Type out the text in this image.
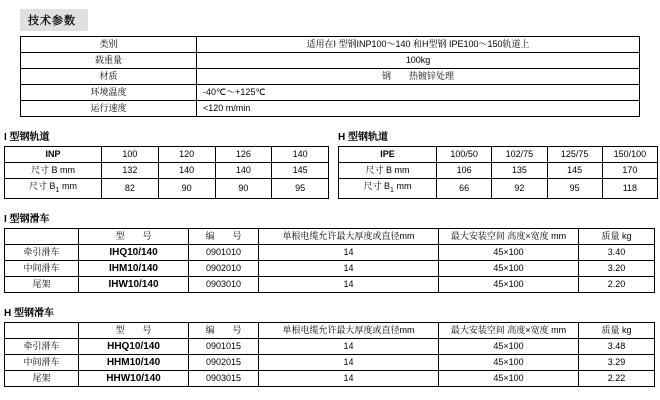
技术参数
类别	适用在I 型钢INP100～140 和H型钢 IPE100～150轨道上
载重量	100kg
材质	钢　　热镀锌处理
环境温度	-40℃～+125℃
运行速度	<120 m/min
I 型钢轨道
INP	100	120	126	140
尺寸 B mm	132	140	140	145
尺寸 $B_1$ mm	82	90	90	95
H 型钢轨道
IPE	100/50	102/75	125/75	150/100
尺寸 B mm	106	135	145	170
尺寸 $B_1$ mm	66	92	95	118
I 型钢滑车
	型　　号	编　　号	单根电缆允许最大厚度或直径mm	最大安装空间 高度×宽度 mm	质量 kg
牵引滑车	IHQ10/140	0901010	14	45×100	3.40
中间滑车	IHM10/140	0902010	14	45×100	3.20
尾架	IHW10/140	0903010	14	45×100	2.20
H 型钢滑车
	型　　号	编　　号	单根电缆允许最大厚度或直径mm	最大安装空间 高度×宽度 mm	质量 kg
牵引滑车	HHQ10/140	0901015	14	45×100	3.48
中间滑车	HHM10/140	0902015	14	45×100	3.29
尾架	HHW10/140	0903015	14	45×100	2.22
